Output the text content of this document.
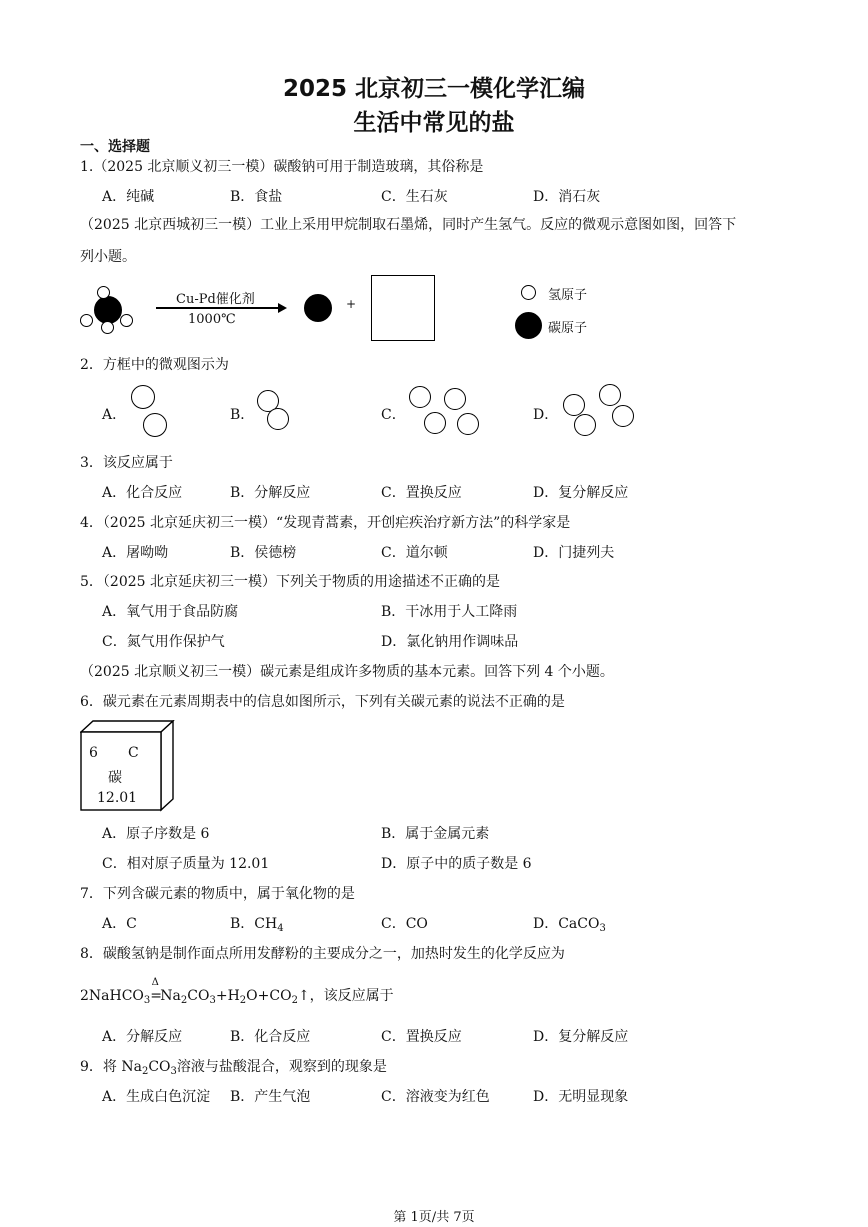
2025 北京初三一模化学汇编
生活中常见的盐
一、选择题
1.（2025 北京顺义初三一模）碳酸钠可用于制造玻璃，其俗称是
A．纯碱	B．食盐	C．生石灰	D．消石灰
（2025 北京西城初三一模）工业上采用甲烷制取石墨烯，同时产生氢气。反应的微观示意图如图，回答下
列小题。
Cu-Pd催化剂
1000℃
+
氢原子
碳原子
2．方框中的微观图示为
A．	B．	C．	D．
3．该反应属于
A．化合反应	B．分解反应	C．置换反应	D．复分解反应
4．（2025 北京延庆初三一模）“发现青蒿素，开创疟疾治疗新方法”的科学家是
A．屠呦呦	B．侯德榜	C．道尔顿	D．门捷列夫
5．（2025 北京延庆初三一模）下列关于物质的用途描述不正确的是
A．氧气用于食品防腐	B．干冰用于人工降雨
C．氮气用作保护气	D．氯化钠用作调味品
（2025 北京顺义初三一模）碳元素是组成许多物质的基本元素。回答下列 4 个小题。
6．碳元素在元素周期表中的信息如图所示，下列有关碳元素的说法不正确的是
6 C
碳
12.01
A．原子序数是 6	B．属于金属元素
C．相对原子质量为 12.01	D．原子中的质子数是 6
7．下列含碳元素的物质中，属于氧化物的是
A．C	B．$CH_4$	C．CO	D．CaCO$_3$
8．碳酸氢钠是制作面点所用发酵粉的主要成分之一，加热时发生的化学反应为
2NaHCO$_3$
Δ
$=Na_2CO_3+H_2O+CO_2↑$，该反应属于
A．分解反应	B．化合反应	C．置换反应	D．复分解反应
9．将 $Na_2CO_3$溶液与盐酸混合，观察到的现象是
A．生成白色沉淀 B．产生气泡	C．溶液变为红色	D．无明显现象
第 1页/共 7页
